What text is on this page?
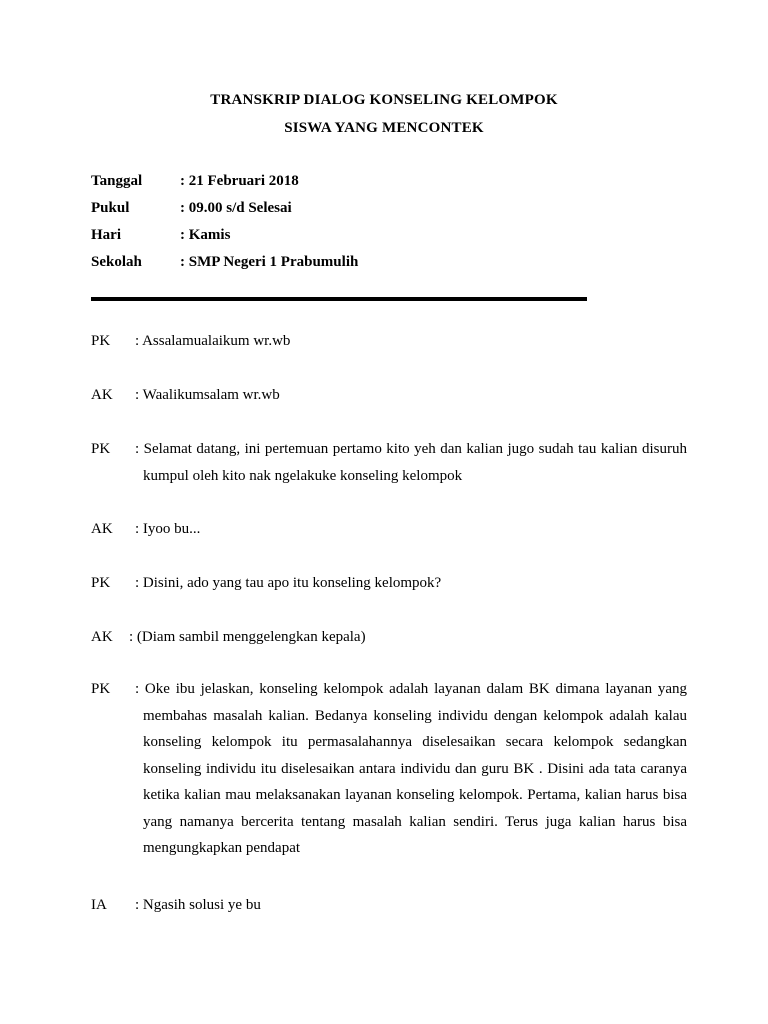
TRANSKRIP DIALOG KONSELING KELOMPOK
SISWA YANG MENCONTEK
Tanggal	: 21 Februari 2018
Pukul	: 09.00 s/d Selesai
Hari	: Kamis
Sekolah	: SMP Negeri 1 Prabumulih
PK : Assalamualaikum wr.wb
AK : Waalikumsalam wr.wb
PK : Selamat datang, ini pertemuan pertamo kito yeh dan kalian jugo sudah tau kalian disuruh kumpul oleh kito nak ngelakuke konseling kelompok
AK : Iyoo bu...
PK : Disini, ado yang tau apo itu konseling kelompok?
AK : (Diam sambil menggelengkan kepala)
PK : Oke ibu jelaskan, konseling kelompok adalah layanan dalam BK dimana layanan yang membahas masalah kalian. Bedanya konseling individu dengan kelompok adalah kalau konseling kelompok itu permasalahannya diselesaikan secara kelompok sedangkan konseling individu itu diselesaikan antara individu dan guru BK . Disini ada tata caranya ketika kalian mau melaksanakan layanan konseling kelompok. Pertama, kalian harus bisa yang namanya bercerita tentang masalah kalian sendiri. Terus juga kalian harus bisa mengungkapkan pendapat
IA : Ngasih solusi ye bu
